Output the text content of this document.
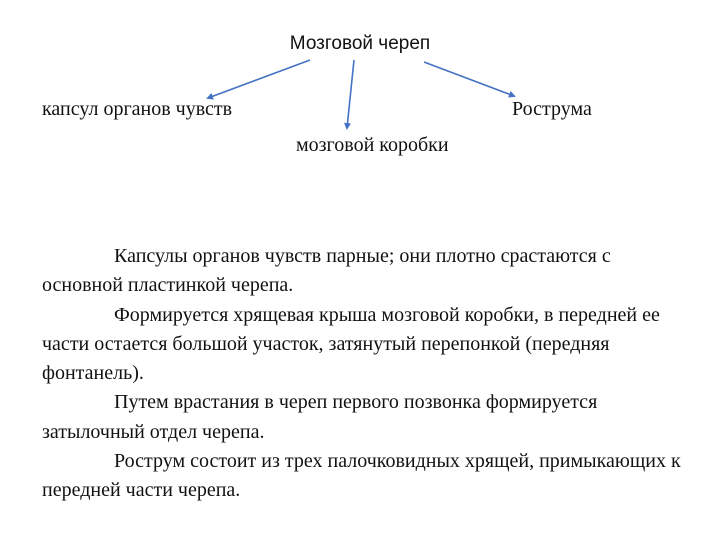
Мозговой череп
капсул органов чувств
мозговой коробки
Рострума

Капсулы органов чувств парные; они плотно срастаются с основной пластинкой черепа.

Формируется хрящевая крыша мозговой коробки, в передней ее части остается большой участок, затянутый перепонкой (передняя фонтанель).

Путем врастания в череп первого позвонка формируется затылочный отдел черепа.

Рострум состоит из трех палочковидных хрящей, примыкающих к передней части черепа.
